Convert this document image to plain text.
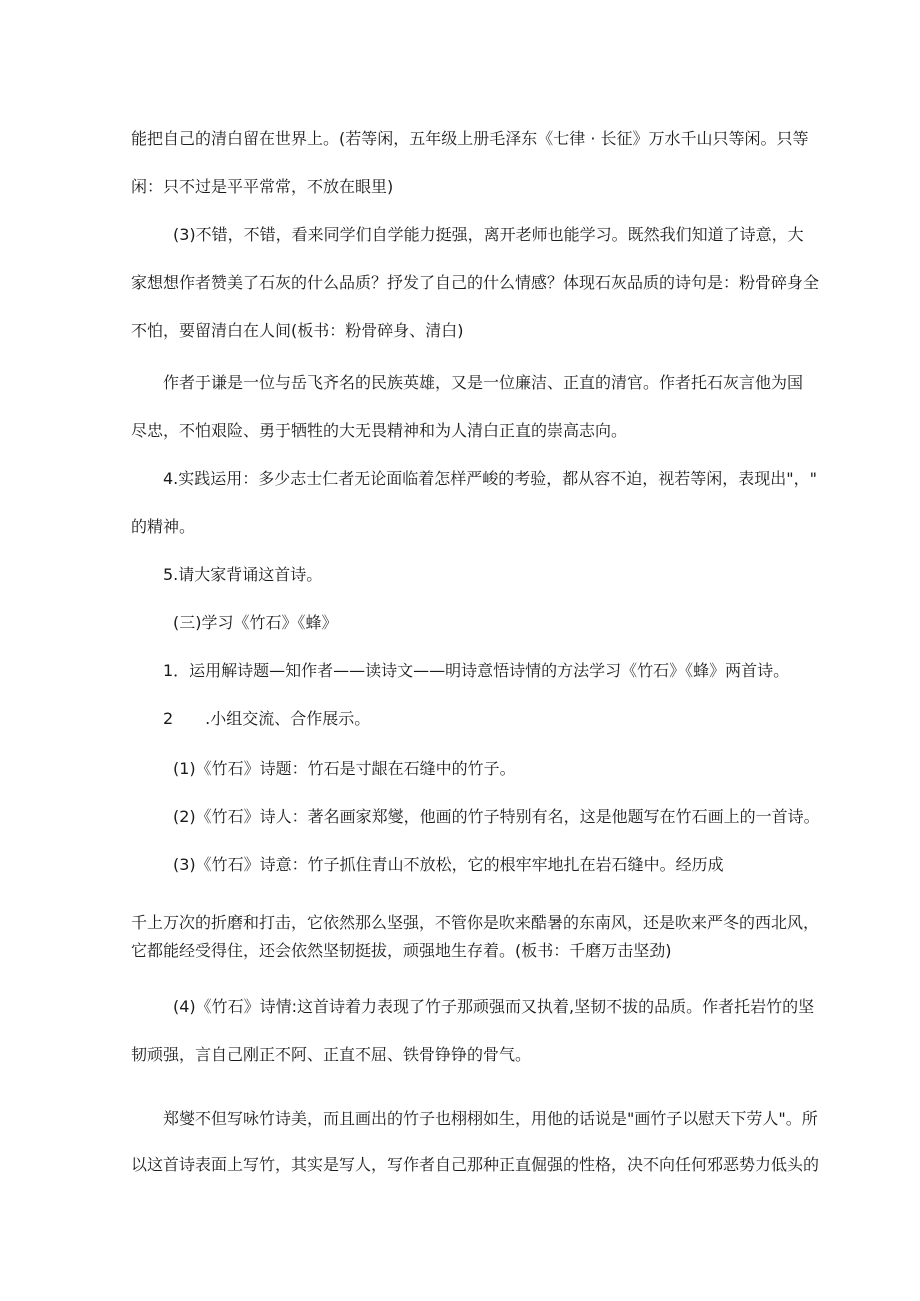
能把自己的清白留在世界上。(若等闲，五年级上册毛泽东《七律 · 长征》万水千山只等闲。只等

闲：只不过是平平常常，不放在眼里)

(3)不错，不错，看来同学们自学能力挺强，离开老师也能学习。既然我们知道了诗意，大

家想想作者赞美了石灰的什么品质？抒发了自己的什么情感？体现石灰品质的诗句是：粉骨碎身全

不怕，要留清白在人间(板书：粉骨碎身、清白)

作者于谦是一位与岳飞齐名的民族英雄，又是一位廉洁、正直的清官。作者托石灰言他为国

尽忠，不怕艰险、勇于牺牲的大无畏精神和为人清白正直的崇高志向。

4.实践运用：多少志士仁者无论面临着怎样严峻的考验，都从容不迫，视若等闲，表现出"，"

的精神。

5.请大家背诵这首诗。

(三)学习《竹石》《蜂》

1．运用解诗题—知作者——读诗文——明诗意悟诗情的方法学习《竹石》《蜂》两首诗。

2　　.小组交流、合作展示。

(1)《竹石》诗题：竹石是寸龈在石缝中的竹子。

(2)《竹石》诗人：著名画家郑燮，他画的竹子特别有名，这是他题写在竹石画上的一首诗。

(3)《竹石》诗意：竹子抓住青山不放松，它的根牢牢地扎在岩石缝中。经历成

千上万次的折磨和打击，它依然那么坚强，不管你是吹来酷暑的东南风，还是吹来严冬的西北风，

它都能经受得住，还会依然坚韧挺拔，顽强地生存着。(板书：千磨万击坚劲)

(4)《竹石》诗情:这首诗着力表现了竹子那顽强而又执着,坚韧不拔的品质。作者托岩竹的坚

韧顽强，言自己刚正不阿、正直不屈、铁骨铮铮的骨气。

郑燮不但写咏竹诗美，而且画出的竹子也栩栩如生，用他的话说是"画竹子以慰天下劳人"。所

以这首诗表面上写竹，其实是写人，写作者自己那种正直倔强的性格，决不向任何邪恶势力低头的
